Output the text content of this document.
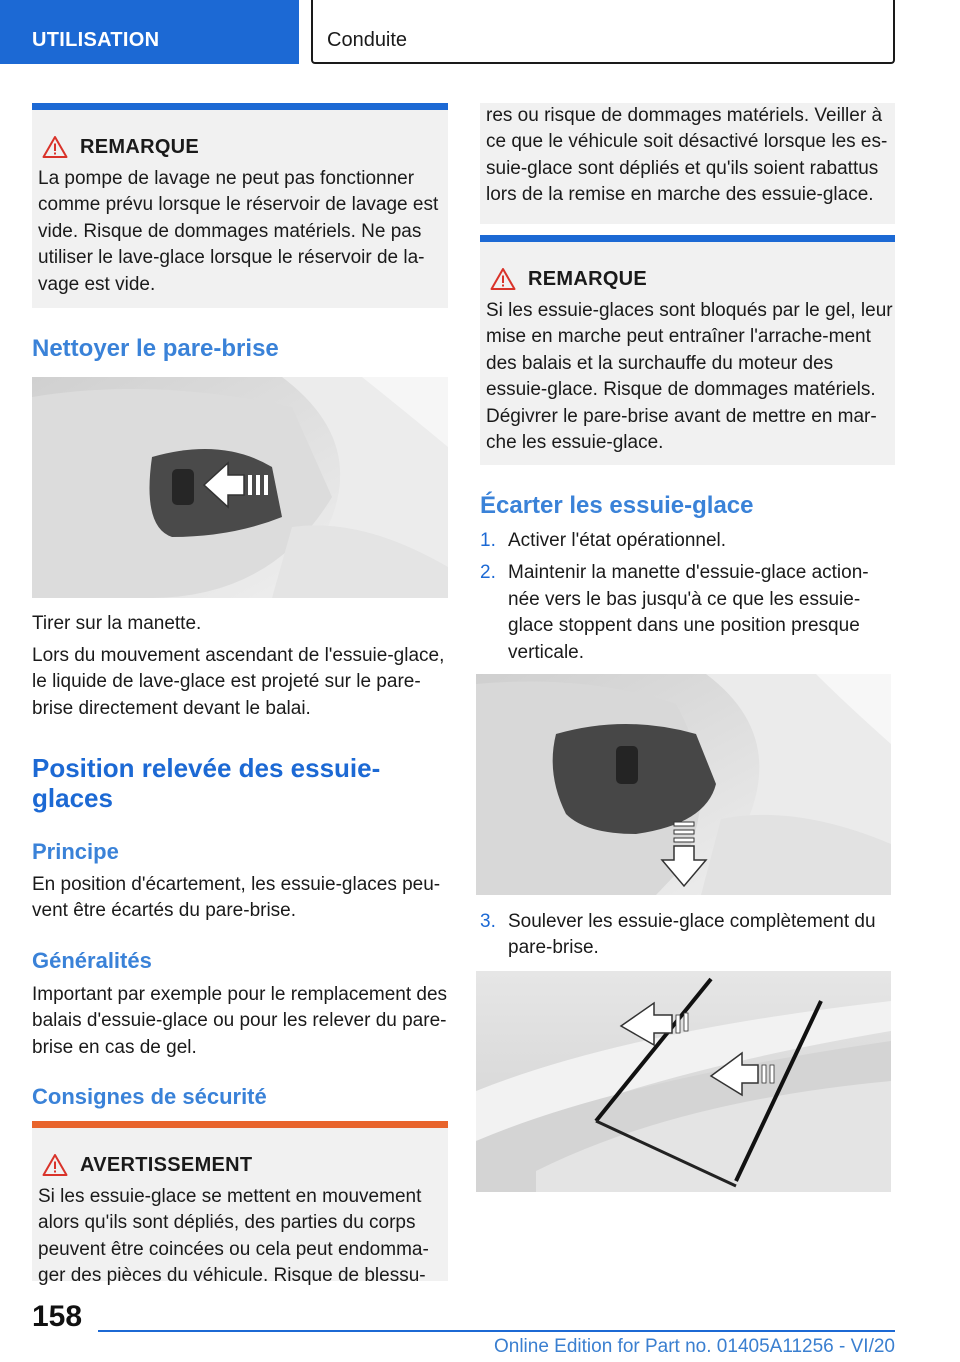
UTILISATION	Conduite
REMARQUE

La pompe de lavage ne peut pas fonctionner comme prévu lorsque le réservoir de lavage est vide. Risque de dommages matériels. Ne pas utiliser le lave-glace lorsque le réservoir de la-vage est vide.

Nettoyer le pare-brise
Tirer sur la manette.
Lors du mouvement ascendant de l'essuie-glace, le liquide de lave-glace est projeté sur le pare-brise directement devant le balai.
Position relevée des essuie-glaces
Principe
En position d'écartement, les essuie-glaces peu-vent être écartés du pare-brise.
Généralités
Important par exemple pour le remplacement des balais d'essuie-glace ou pour les relever du pare-brise en cas de gel.
Consignes de sécurité
AVERTISSEMENT

Si les essuie-glace se mettent en mouvement alors qu'ils sont dépliés, des parties du corps peuvent être coincées ou cela peut endomma-ger des pièces du véhicule. Risque de blessu-

res ou risque de dommages matériels. Veiller à ce que le véhicule soit désactivé lorsque les es-suie-glace sont dépliés et qu'ils soient rabattus lors de la remise en marche des essuie-glace.

REMARQUE

Si les essuie-glaces sont bloqués par le gel, leur mise en marche peut entraîner l'arrache-ment des balais et la surchauffe du moteur des essuie-glace. Risque de dommages matériels. Dégivrer le pare-brise avant de mettre en mar-che les essuie-glace.

Écarter les essuie-glace
1. Activer l'état opérationnel.
2. Maintenir la manette d'essuie-glace action-née vers le bas jusqu'à ce que les essuie-glace stoppent dans une position presque verticale.
3. Soulever les essuie-glace complètement du pare-brise.
158
Online Edition for Part no. 01405A11256 - VI/20
